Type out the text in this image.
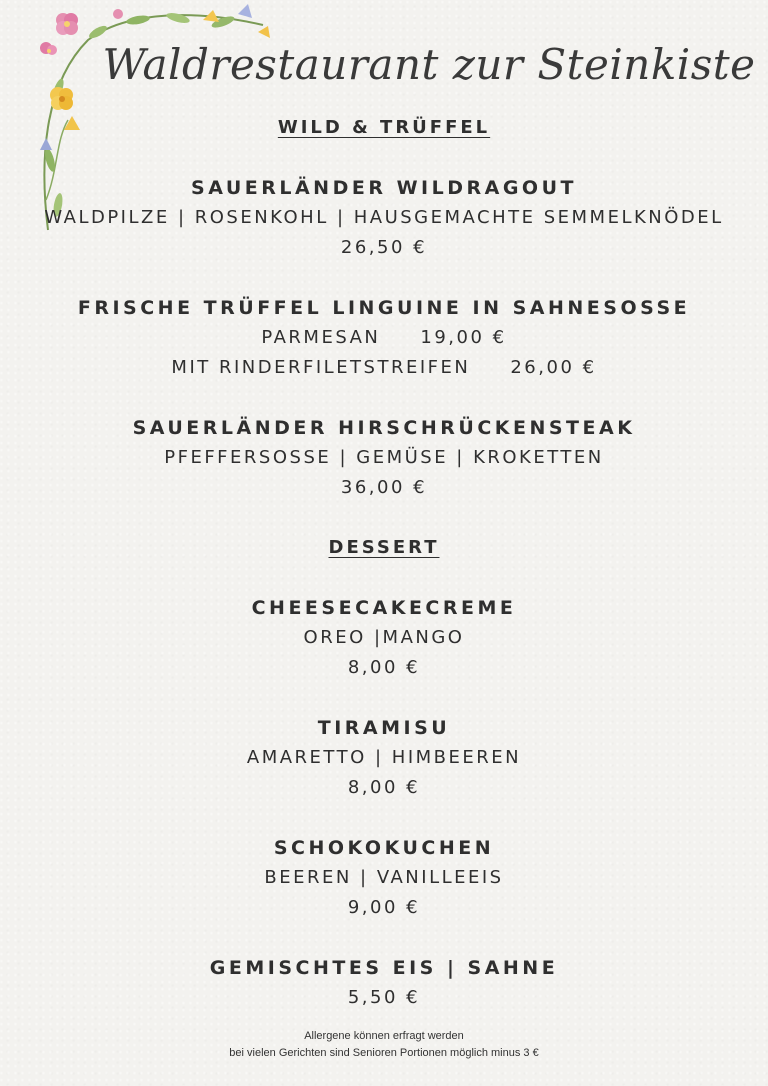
Waldrestaurant zur Steinkiste
WILD & TRÜFFEL
SAUERLÄNDER WILDRAGOUT
WALDPILZE | ROSENKOHL | HAUSGEMACHTE SEMMELKNÖDEL
26,50 €
FRISCHE TRÜFFEL LINGUINE IN SAHNESOSSE
PARMESAN 19,00 €
MIT RINDERFILETSTREIFEN 26,00 €
SAUERLÄNDER HIRSCHRÜCKENSTEAK
PFEFFERSOSSE | GEMÜSE | KROKETTEN
36,00 €
DESSERT
CHEESECAKECREME
OREO |MANGO
8,00 €
TIRAMISU
AMARETTO | HIMBEEREN
8,00 €
SCHOKOKUCHEN
BEEREN | VANILLEEIS
9,00 €
GEMISCHTES EIS | SAHNE
5,50 €
Allergene können erfragt werden
bei vielen Gerichten sind Senioren Portionen möglich minus 3 €
